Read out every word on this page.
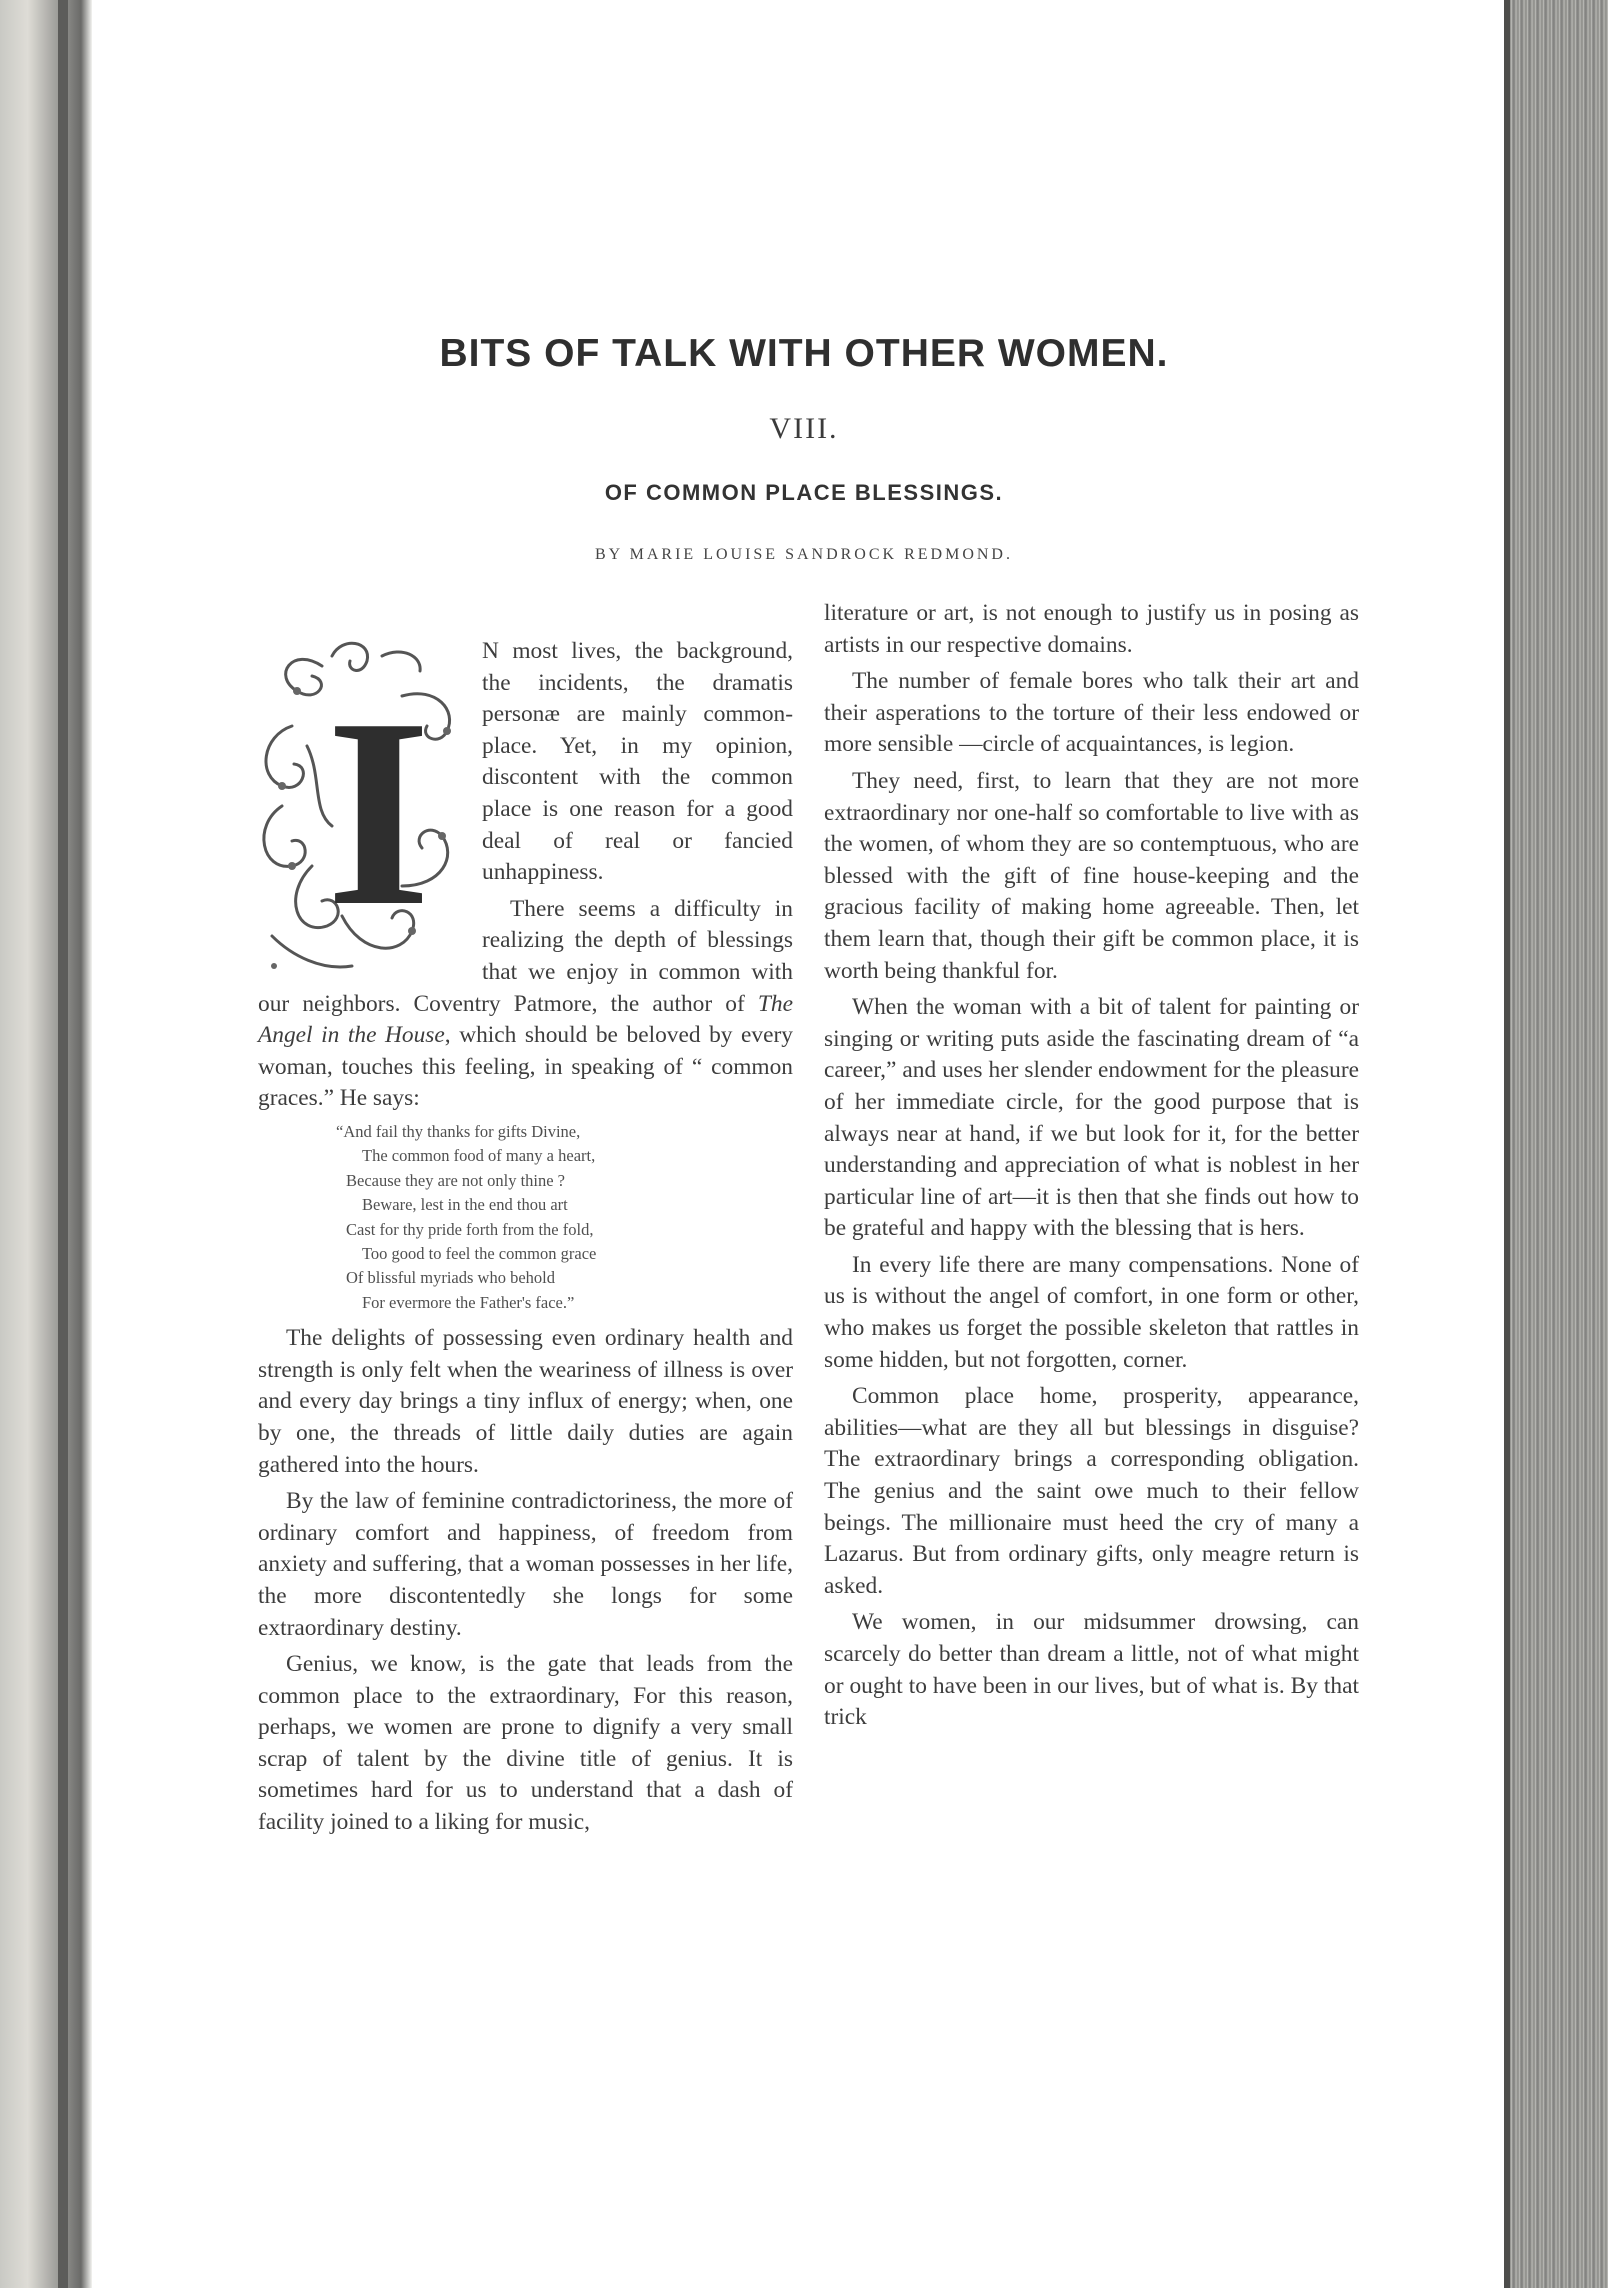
BITS OF TALK WITH OTHER WOMEN.
VIII.
OF COMMON PLACE BLESSINGS.
BY MARIE LOUISE SANDROCK REDMOND.
I

N most lives, the background, the incidents, the dramatis personæ are mainly common-place. Yet, in my opinion, discontent with the common place is one reason for a good deal of real or fancied unhappiness.

There seems a difficulty in realizing the depth of blessings that we enjoy in common with our neighbors. Coventry Patmore, the author of The Angel in the House, which should be beloved by every woman, touches this feeling, in speaking of “ common graces.” He says:

“And fail thy thanks for gifts Divine,
The common food of many a heart,
Because they are not only thine ?
Beware, lest in the end thou art
Cast for thy pride forth from the fold,
Too good to feel the common grace
Of blissful myriads who behold
For evermore the Father's face.”

The delights of possessing even ordinary health and strength is only felt when the weariness of illness is over and every day brings a tiny influx of energy; when, one by one, the threads of little daily duties are again gathered into the hours.

By the law of feminine contradictoriness, the more of ordinary comfort and happiness, of freedom from anxiety and suffering, that a woman possesses in her life, the more discontentedly she longs for some extraordinary destiny.

Genius, we know, is the gate that leads from the common place to the extraordinary, For this reason, perhaps, we women are prone to dignify a very small scrap of talent by the divine title of genius. It is sometimes hard for us to understand that a dash of facility joined to a liking for music,

literature or art, is not enough to justify us in posing as artists in our respective domains.

The number of female bores who talk their art and their asperations to the torture of their less endowed or more sensible —circle of acquaintances, is legion.

They need, first, to learn that they are not more extraordinary nor one-half so comfortable to live with as the women, of whom they are so contemptuous, who are blessed with the gift of fine house-keeping and the gracious facility of making home agreeable. Then, let them learn that, though their gift be common place, it is worth being thankful for.

When the woman with a bit of talent for painting or singing or writing puts aside the fascinating dream of “a career,” and uses her slender endowment for the pleasure of her immediate circle, for the good purpose that is always near at hand, if we but look for it, for the better understanding and appreciation of what is noblest in her particular line of art—it is then that she finds out how to be grateful and happy with the blessing that is hers.

In every life there are many compensations. None of us is without the angel of comfort, in one form or other, who makes us forget the possible skeleton that rattles in some hidden, but not forgotten, corner.

Common place home, prosperity, appearance, abilities—what are they all but blessings in disguise? The extraordinary brings a corresponding obligation. The genius and the saint owe much to their fellow beings. The millionaire must heed the cry of many a Lazarus. But from ordinary gifts, only meagre return is asked.

We women, in our midsummer drowsing, can scarcely do better than dream a little, not of what might or ought to have been in our lives, but of what is. By that trick
